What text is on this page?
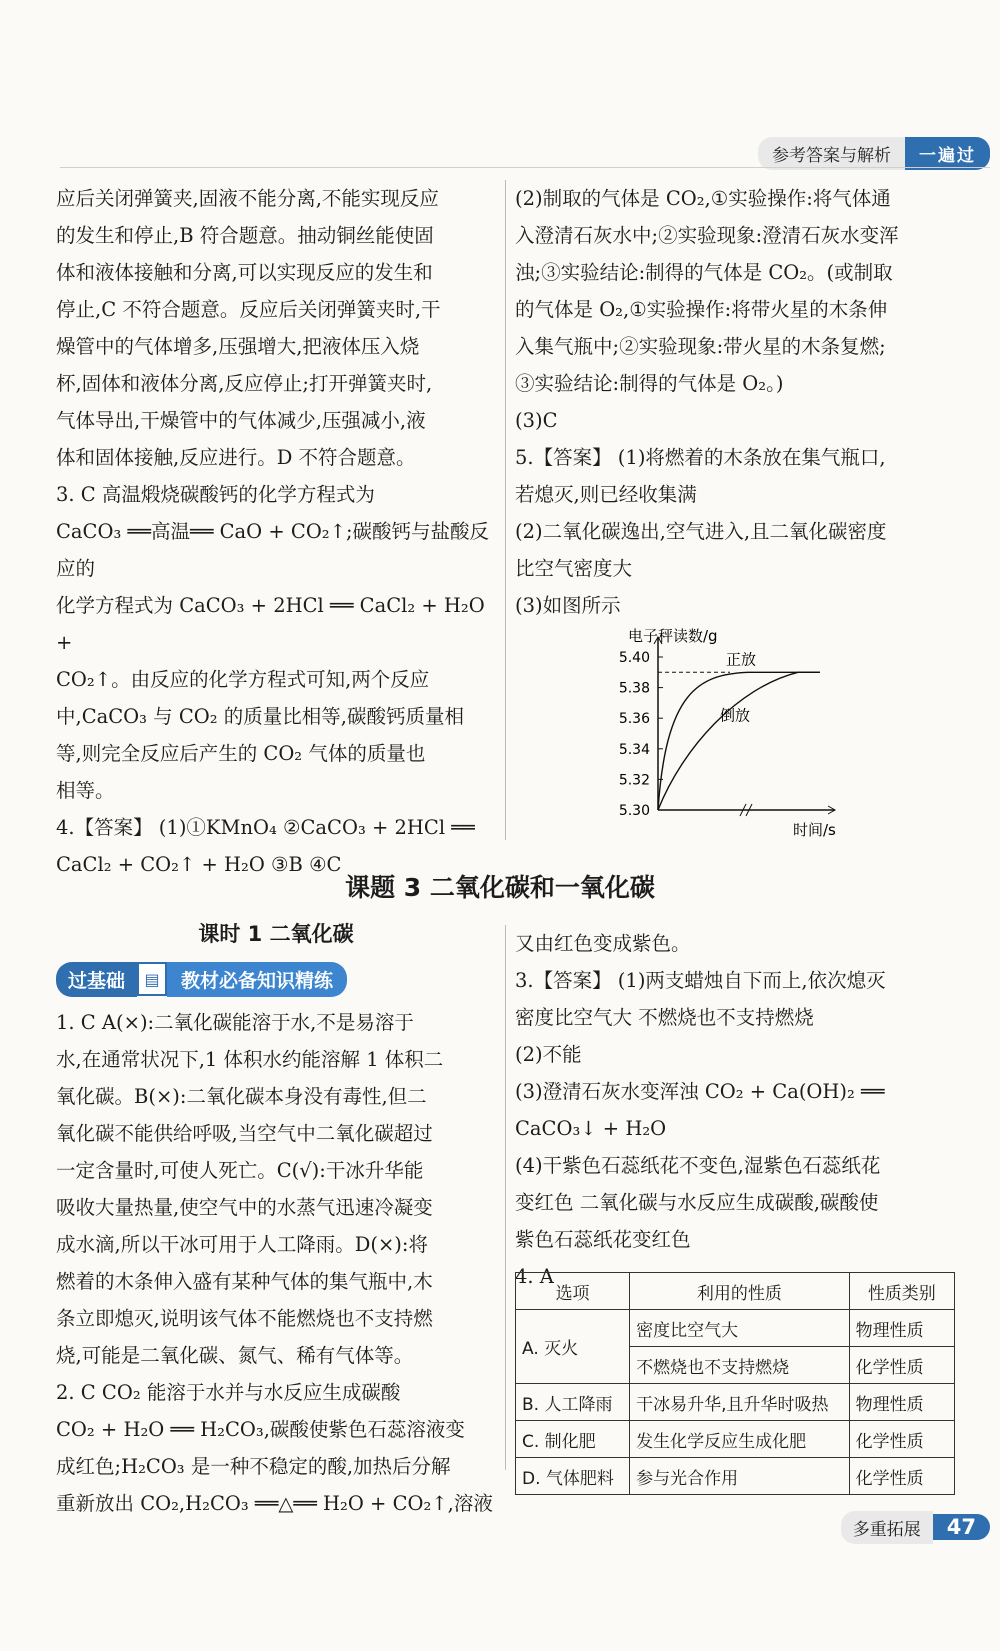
参考答案与解析	一遍过

应后关闭弹簧夹,固液不能分离,不能实现反应

的发生和停止,B 符合题意。抽动铜丝能使固

体和液体接触和分离,可以实现反应的发生和

停止,C 不符合题意。反应后关闭弹簧夹时,干

燥管中的气体增多,压强增大,把液体压入烧

杯,固体和液体分离,反应停止;打开弹簧夹时,

气体导出,干燥管中的气体减少,压强减小,液

体和固体接触,反应进行。D 不符合题意。

3. C 高温煅烧碳酸钙的化学方程式为

CaCO₃ ══高温══ CaO + CO₂↑;碳酸钙与盐酸反应的

化学方程式为 CaCO₃ + 2HCl ══ CaCl₂ + H₂O +

CO₂↑。由反应的化学方程式可知,两个反应

中,CaCO₃ 与 CO₂ 的质量比相等,碳酸钙质量相

等,则完全反应后产生的 CO₂ 气体的质量也

相等。

4.【答案】 (1)①KMnO₄ ②CaCO₃ + 2HCl ══

CaCl₂ + CO₂↑ + H₂O ③B ④C

(2)制取的气体是 CO₂,①实验操作:将气体通

入澄清石灰水中;②实验现象:澄清石灰水变浑

浊;③实验结论:制得的气体是 CO₂。(或制取

的气体是 O₂,①实验操作:将带火星的木条伸

入集气瓶中;②实验现象:带火星的木条复燃;

③实验结论:制得的气体是 O₂。)

(3)C

5.【答案】 (1)将燃着的木条放在集气瓶口,

若熄灭,则已经收集满

(2)二氧化碳逸出,空气进入,且二氧化碳密度

比空气密度大

(3)如图所示

5.40
5.38
5.36
5.34
5.32
5.30
电子秤读数/g
时间/s
正放
倒放
课题 3 二氧化碳和一氧化碳
课时 1 二氧化碳
过基础	▤	教材必备知识精练

1. C A(×):二氧化碳能溶于水,不是易溶于

水,在通常状况下,1 体积水约能溶解 1 体积二

氧化碳。B(×):二氧化碳本身没有毒性,但二

氧化碳不能供给呼吸,当空气中二氧化碳超过

一定含量时,可使人死亡。C(√):干冰升华能

吸收大量热量,使空气中的水蒸气迅速冷凝变

成水滴,所以干冰可用于人工降雨。D(×):将

燃着的木条伸入盛有某种气体的集气瓶中,木

条立即熄灭,说明该气体不能燃烧也不支持燃

烧,可能是二氧化碳、氮气、稀有气体等。

2. C CO₂ 能溶于水并与水反应生成碳酸

CO₂ + H₂O ══ H₂CO₃,碳酸使紫色石蕊溶液变

成红色;H₂CO₃ 是一种不稳定的酸,加热后分解

重新放出 CO₂,H₂CO₃ ══△══ H₂O + CO₂↑,溶液

又由红色变成紫色。

3.【答案】 (1)两支蜡烛自下而上,依次熄灭

密度比空气大 不燃烧也不支持燃烧

(2)不能

(3)澄清石灰水变浑浊 CO₂ + Ca(OH)₂ ══

CaCO₃↓ + H₂O

(4)干紫色石蕊纸花不变色,湿紫色石蕊纸花

变红色 二氧化碳与水反应生成碳酸,碳酸使

紫色石蕊纸花变红色

4. A

选项	利用的性质	性质类别
A. 灭火	密度比空气大	物理性质
	不燃烧也不支持燃烧	化学性质
B. 人工降雨	干冰易升华,且升华时吸热	物理性质
C. 制化肥	发生化学反应生成化肥	化学性质
D. 气体肥料	参与光合作用	化学性质
多重拓展	47
